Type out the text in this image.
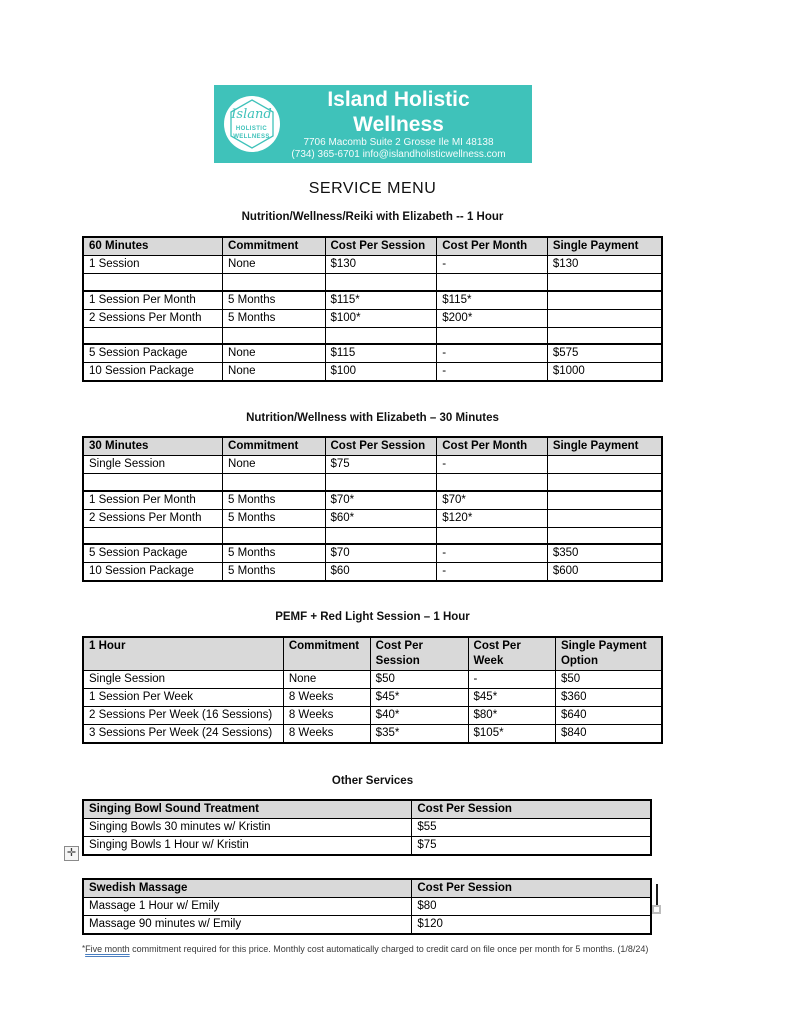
Island
HOLISTIC
WELLNESS
Island Holistic Wellness
7706 Macomb Suite 2 Grosse Ile MI 48138
(734) 365-6701 info@islandholisticwellness.com
SERVICE MENU
Nutrition/Wellness/Reiki with Elizabeth -- 1 Hour
60 Minutes	Commitment	Cost Per Session	Cost Per Month	Single Payment
1 Session	None	$130	-	$130

1 Session Per Month	5 Months	$115*	$115*	
2 Sessions Per Month	5 Months	$100*	$200*	

5 Session Package	None	$115	-	$575
10 Session Package	None	$100	-	$1000
Nutrition/Wellness with Elizabeth – 30 Minutes
30 Minutes	Commitment	Cost Per Session	Cost Per Month	Single Payment
Single Session	None	$75	-	

1 Session Per Month	5 Months	$70*	$70*	
2 Sessions Per Month	5 Months	$60*	$120*	

5 Session Package	5 Months	$70	-	$350
10 Session Package	5 Months	$60	-	$600
PEMF + Red Light Session – 1 Hour
1 Hour	Commitment	Cost Per Session	Cost Per Week	Single Payment Option
Single Session	None	$50	-	$50
1 Session Per Week	8 Weeks	$45*	$45*	$360
2 Sessions Per Week (16 Sessions)	8 Weeks	$40*	$80*	$640
3 Sessions Per Week (24 Sessions)	8 Weeks	$35*	$105*	$840
Other Services
Singing Bowl Sound Treatment	Cost Per Session
Singing Bowls 30 minutes w/ Kristin	$55
Singing Bowls 1 Hour w/ Kristin	$75
Swedish Massage	Cost Per Session
Massage 1 Hour w/ Emily	$80
Massage 90 minutes w/ Emily	$120
*Five month commitment required for this price. Monthly cost automatically charged to credit card on file once per month for 5 months. (1/8/24)
✛
